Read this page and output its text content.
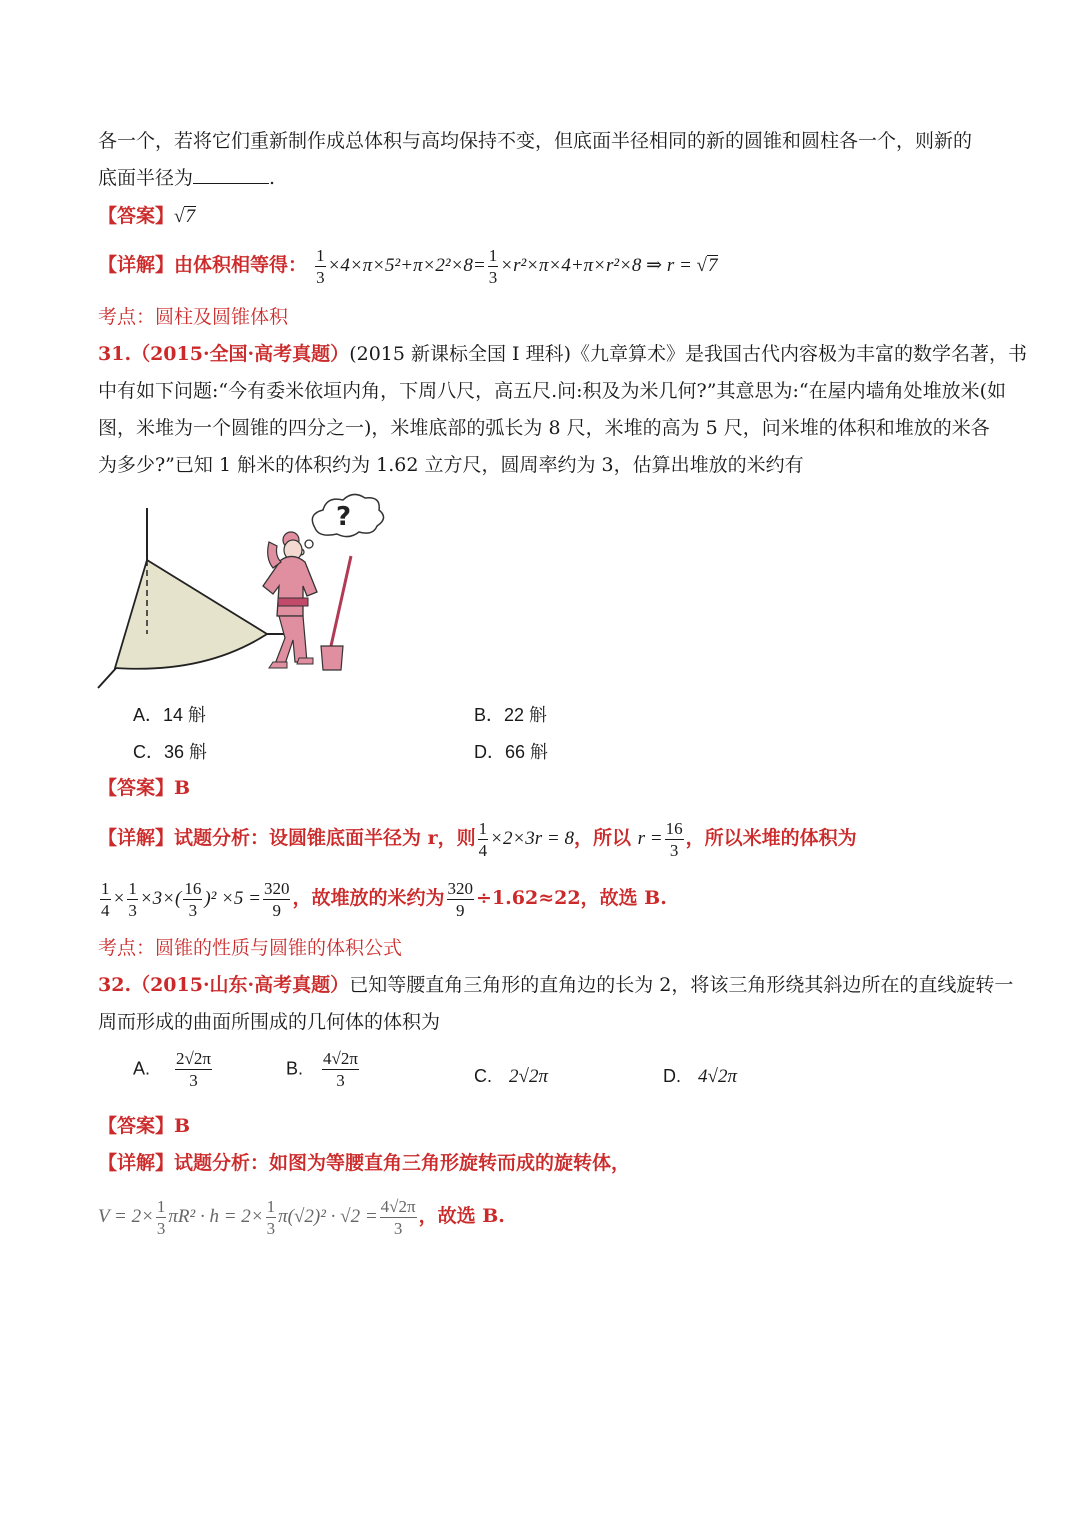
各一个，若将它们重新制作成总体积与高均保持不变，但底面半径相同的新的圆锥和圆柱各一个，则新的
底面半径为	.
【答案】√7
【详解】由体积相等得： $\frac{1}{3} \times 4\times\pi\times 5^2+\pi\times 2^2\times 8= \frac{1}{3} \times r^2\times\pi\times 4+\pi\times r^2\times 8$ ⇒ r = √7
考点：圆柱及圆锥体积
31.（2015·全国·高考真题）(2015 新课标全国 I 理科)《九章算术》是我国古代内容极为丰富的数学名著，书
中有如下问题:“今有委米依垣内角，下周八尺，高五尺.问:积及为米几何?”其意思为:“在屋内墙角处堆放米(如
图，米堆为一个圆锥的四分之一)，米堆底部的弧长为 8 尺，米堆的高为 5 尺，问米堆的体积和堆放的米各
为多少?”已知 1 斛米的体积约为 1.62 立方尺，圆周率约为 3，估算出堆放的米约有
?
A．14 斛	B．22 斛
C．36 斛	D．66 斛
【答案】B
【详解】试题分析：设圆锥底面半径为 r，则 $\frac{1}{4} \times 2\times 3r = 8$，所以 $r = \frac{16}{3}$ ，所以米堆的体积为
$\frac{1}{4} \times \frac{1}{3} \times 3\times( \frac{16}{3} )^2 \times 5 = \frac{320}{9}$ ，故堆放的米约为 $\frac{320}{9} \div 1.62\approx 22$，故选 B.
考点：圆锥的性质与圆锥的体积公式
32.（2015·山东·高考真题）已知等腰直角三角形的直角边的长为 2，将该三角形绕其斜边所在的直线旋转一
周而形成的曲面所围成的几何体的体积为
A. $\frac{2√2\pi}{3}$	B. $\frac{4√2\pi}{3}$	C. 2√2π	D. 4√2π
【答案】B
【详解】试题分析：如图为等腰直角三角形旋转而成的旋转体，
$V = 2\times \frac{1}{3} \pi R^2 \cdot h = 2\times \frac{1}{3} \pi(√2)^2 \cdot √2 = \frac{4√2\pi}{3}$ ，故选 B.
